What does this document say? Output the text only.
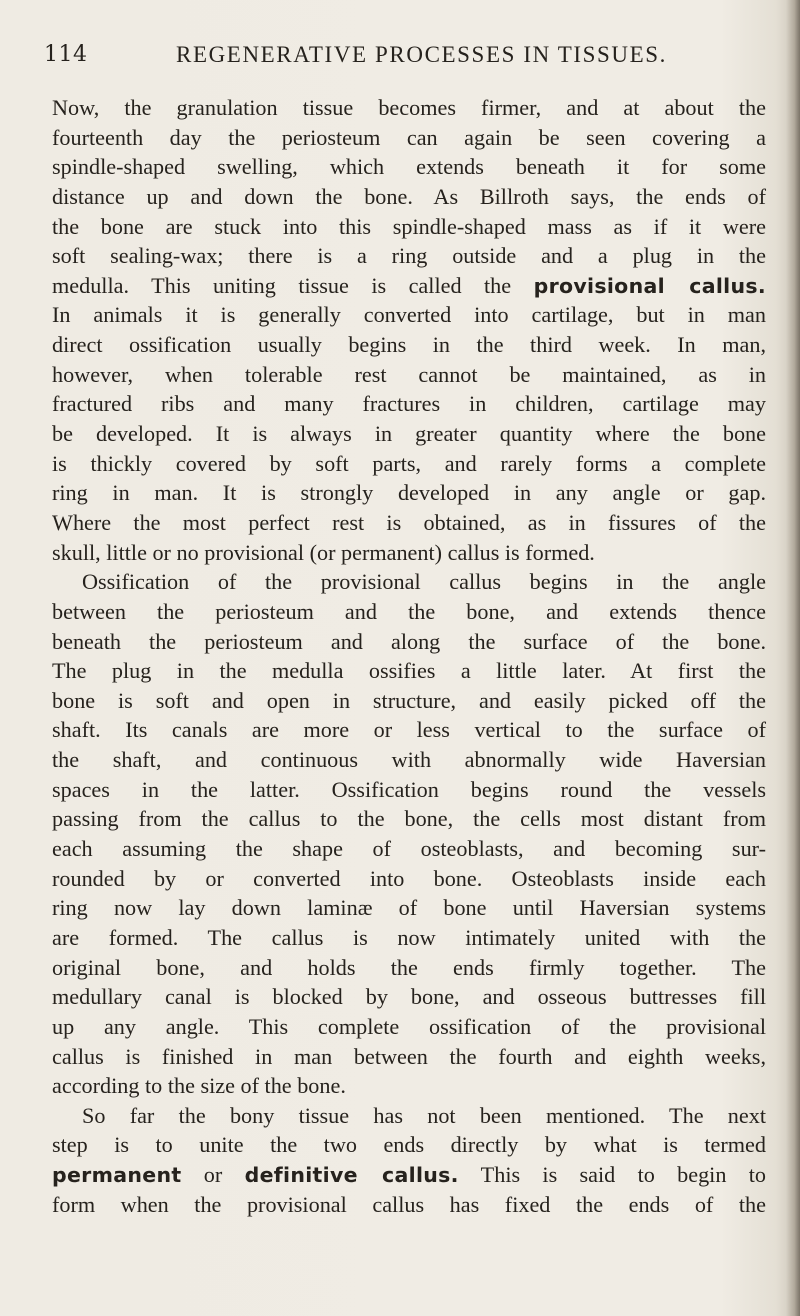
114	REGENERATIVE PROCESSES IN TISSUES.
Now, the granulation tissue becomes firmer, and at about the
fourteenth day the periosteum can again be seen covering a
spindle-shaped swelling, which extends beneath it for some
distance up and down the bone. As Billroth says, the ends of
the bone are stuck into this spindle-shaped mass as if it were
soft sealing-wax; there is a ring outside and a plug in the
medulla. This uniting tissue is called the provisional callus.
In animals it is generally converted into cartilage, but in man
direct ossification usually begins in the third week. In man,
however, when tolerable rest cannot be maintained, as in
fractured ribs and many fractures in children, cartilage may
be developed. It is always in greater quantity where the bone
is thickly covered by soft parts, and rarely forms a complete
ring in man. It is strongly developed in any angle or gap.
Where the most perfect rest is obtained, as in fissures of the
skull, little or no provisional (or permanent) callus is formed.
Ossification of the provisional callus begins in the angle
between the periosteum and the bone, and extends thence
beneath the periosteum and along the surface of the bone.
The plug in the medulla ossifies a little later. At first the
bone is soft and open in structure, and easily picked off the
shaft. Its canals are more or less vertical to the surface of
the shaft, and continuous with abnormally wide Haversian
spaces in the latter. Ossification begins round the vessels
passing from the callus to the bone, the cells most distant from
each assuming the shape of osteoblasts, and becoming sur-
rounded by or converted into bone. Osteoblasts inside each
ring now lay down laminæ of bone until Haversian systems
are formed. The callus is now intimately united with the
original bone, and holds the ends firmly together. The
medullary canal is blocked by bone, and osseous buttresses fill
up any angle. This complete ossification of the provisional
callus is finished in man between the fourth and eighth weeks,
according to the size of the bone.
So far the bony tissue has not been mentioned. The next
step is to unite the two ends directly by what is termed
permanent or definitive callus. This is said to begin to
form when the provisional callus has fixed the ends of the
